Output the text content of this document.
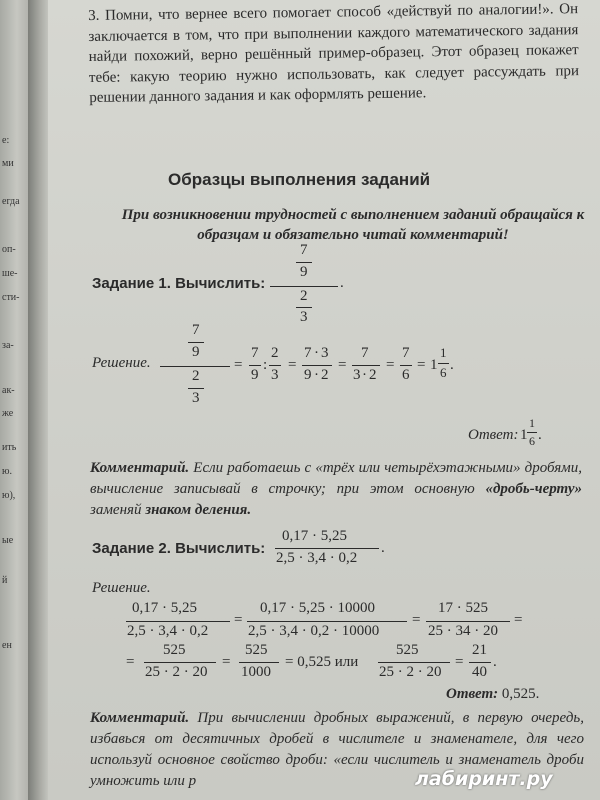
е:
ми
егда
оп-
ше-
сти-
за-
ак-
же
ить
ю.
ю),
ые
й
ен
3. Помни, что вернее всего помогает способ «действуй по аналогии!». Он заключается в том, что при выполнении каждого математического задания найди похожий, верно решённый пример-образец. Этот образец покажет тебе: какую теорию нужно использовать, как следует рассуждать при решении данного задания и как оформлять решение.
Образцы выполнения заданий
При возникновении трудностей с выполнением заданий обращайся к образцам и обязательно читай комментарий!
Задание 1. Вычислить:
7
9
2
3
.
Решение.
7
9
2
3
=
7
9
:
2
3
=
7 · 3
9 · 2
=
7
3 · 2
=
7
6
= 1
1
6 .
Ответ: 1
1
6 .
Комментарий. Если работаешь с «трёх или четырёхэтажными» дробями, вычисление записывай в строчку; при этом основную «дробь-черту» заменяй знаком деления.
Задание 2. Вычислить:
0,17 · 5,25
2,5 · 3,4 · 0,2
.
Решение.
0,17 · 5,25
2,5 · 3,4 · 0,2
=
0,17 · 5,25 · 10000
2,5 · 3,4 · 0,2 · 10000
=
17 · 525
25 · 34 · 20
=
=
525
25 · 2 · 20
=
525
1000
= 0,525 или
525
25 · 2 · 20
=
21
40
.
Ответ: 0,525.
Комментарий. При вычислении дробных выражений, в первую очередь, избавься от десятичных дробей в числителе и знаменателе, для чего используй основное свойство дроби: «если числитель и знаменатель дроби умножить или р	лабиринт.ру
